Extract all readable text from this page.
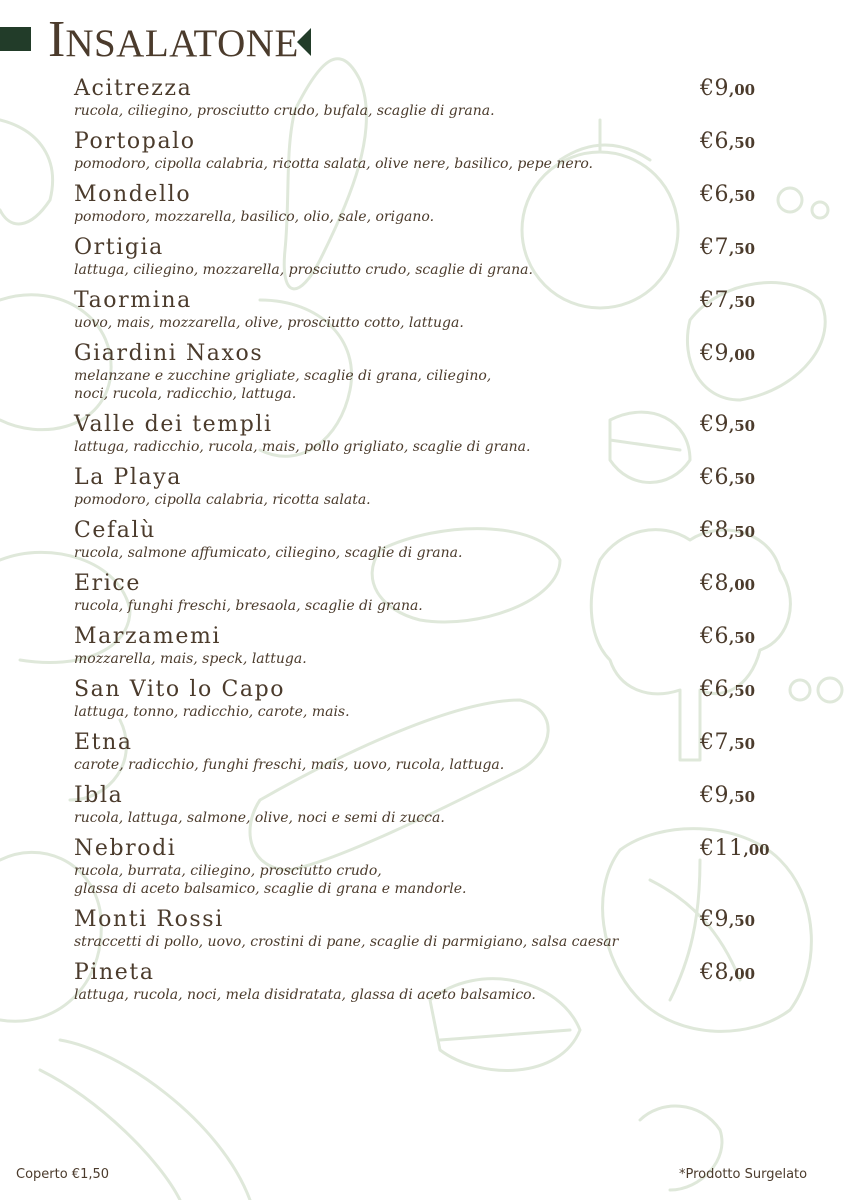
INSALATONE
Acitrezza
rucola, ciliegino, prosciutto crudo, bufala, scaglie di grana.
€9,00
Portopalo
pomodoro, cipolla calabria, ricotta salata, olive nere, basilico, pepe nero.
€6,50
Mondello
pomodoro, mozzarella, basilico, olio, sale, origano.
€6,50
Ortigia
lattuga, ciliegino, mozzarella, prosciutto crudo, scaglie di grana.
€7,50
Taormina
uovo, mais, mozzarella, olive, prosciutto cotto, lattuga.
€7,50
Giardini Naxos
melanzane e zucchine grigliate, scaglie di grana, ciliegino,
noci, rucola, radicchio, lattuga.
€9,00
Valle dei templi
lattuga, radicchio, rucola, mais, pollo grigliato, scaglie di grana.
€9,50
La Playa
pomodoro, cipolla calabria, ricotta salata.
€6,50
Cefalù
rucola, salmone affumicato, ciliegino, scaglie di grana.
€8,50
Erice
rucola, funghi freschi, bresaola, scaglie di grana.
€8,00
Marzamemi
mozzarella, mais, speck, lattuga.
€6,50
San Vito lo Capo
lattuga, tonno, radicchio, carote, mais.
€6,50
Etna
carote, radicchio, funghi freschi, mais, uovo, rucola, lattuga.
€7,50
Ibla
rucola, lattuga, salmone, olive, noci e semi di zucca.
€9,50
Nebrodi
rucola, burrata, ciliegino, prosciutto crudo,
glassa di aceto balsamico, scaglie di grana e mandorle.
€11,00
Monti Rossi
straccetti di pollo, uovo, crostini di pane, scaglie di parmigiano, salsa caesar
€9,50
Pineta
lattuga, rucola, noci, mela disidratata, glassa di aceto balsamico.
€8,00
Coperto €1,50	*Prodotto Surgelato
